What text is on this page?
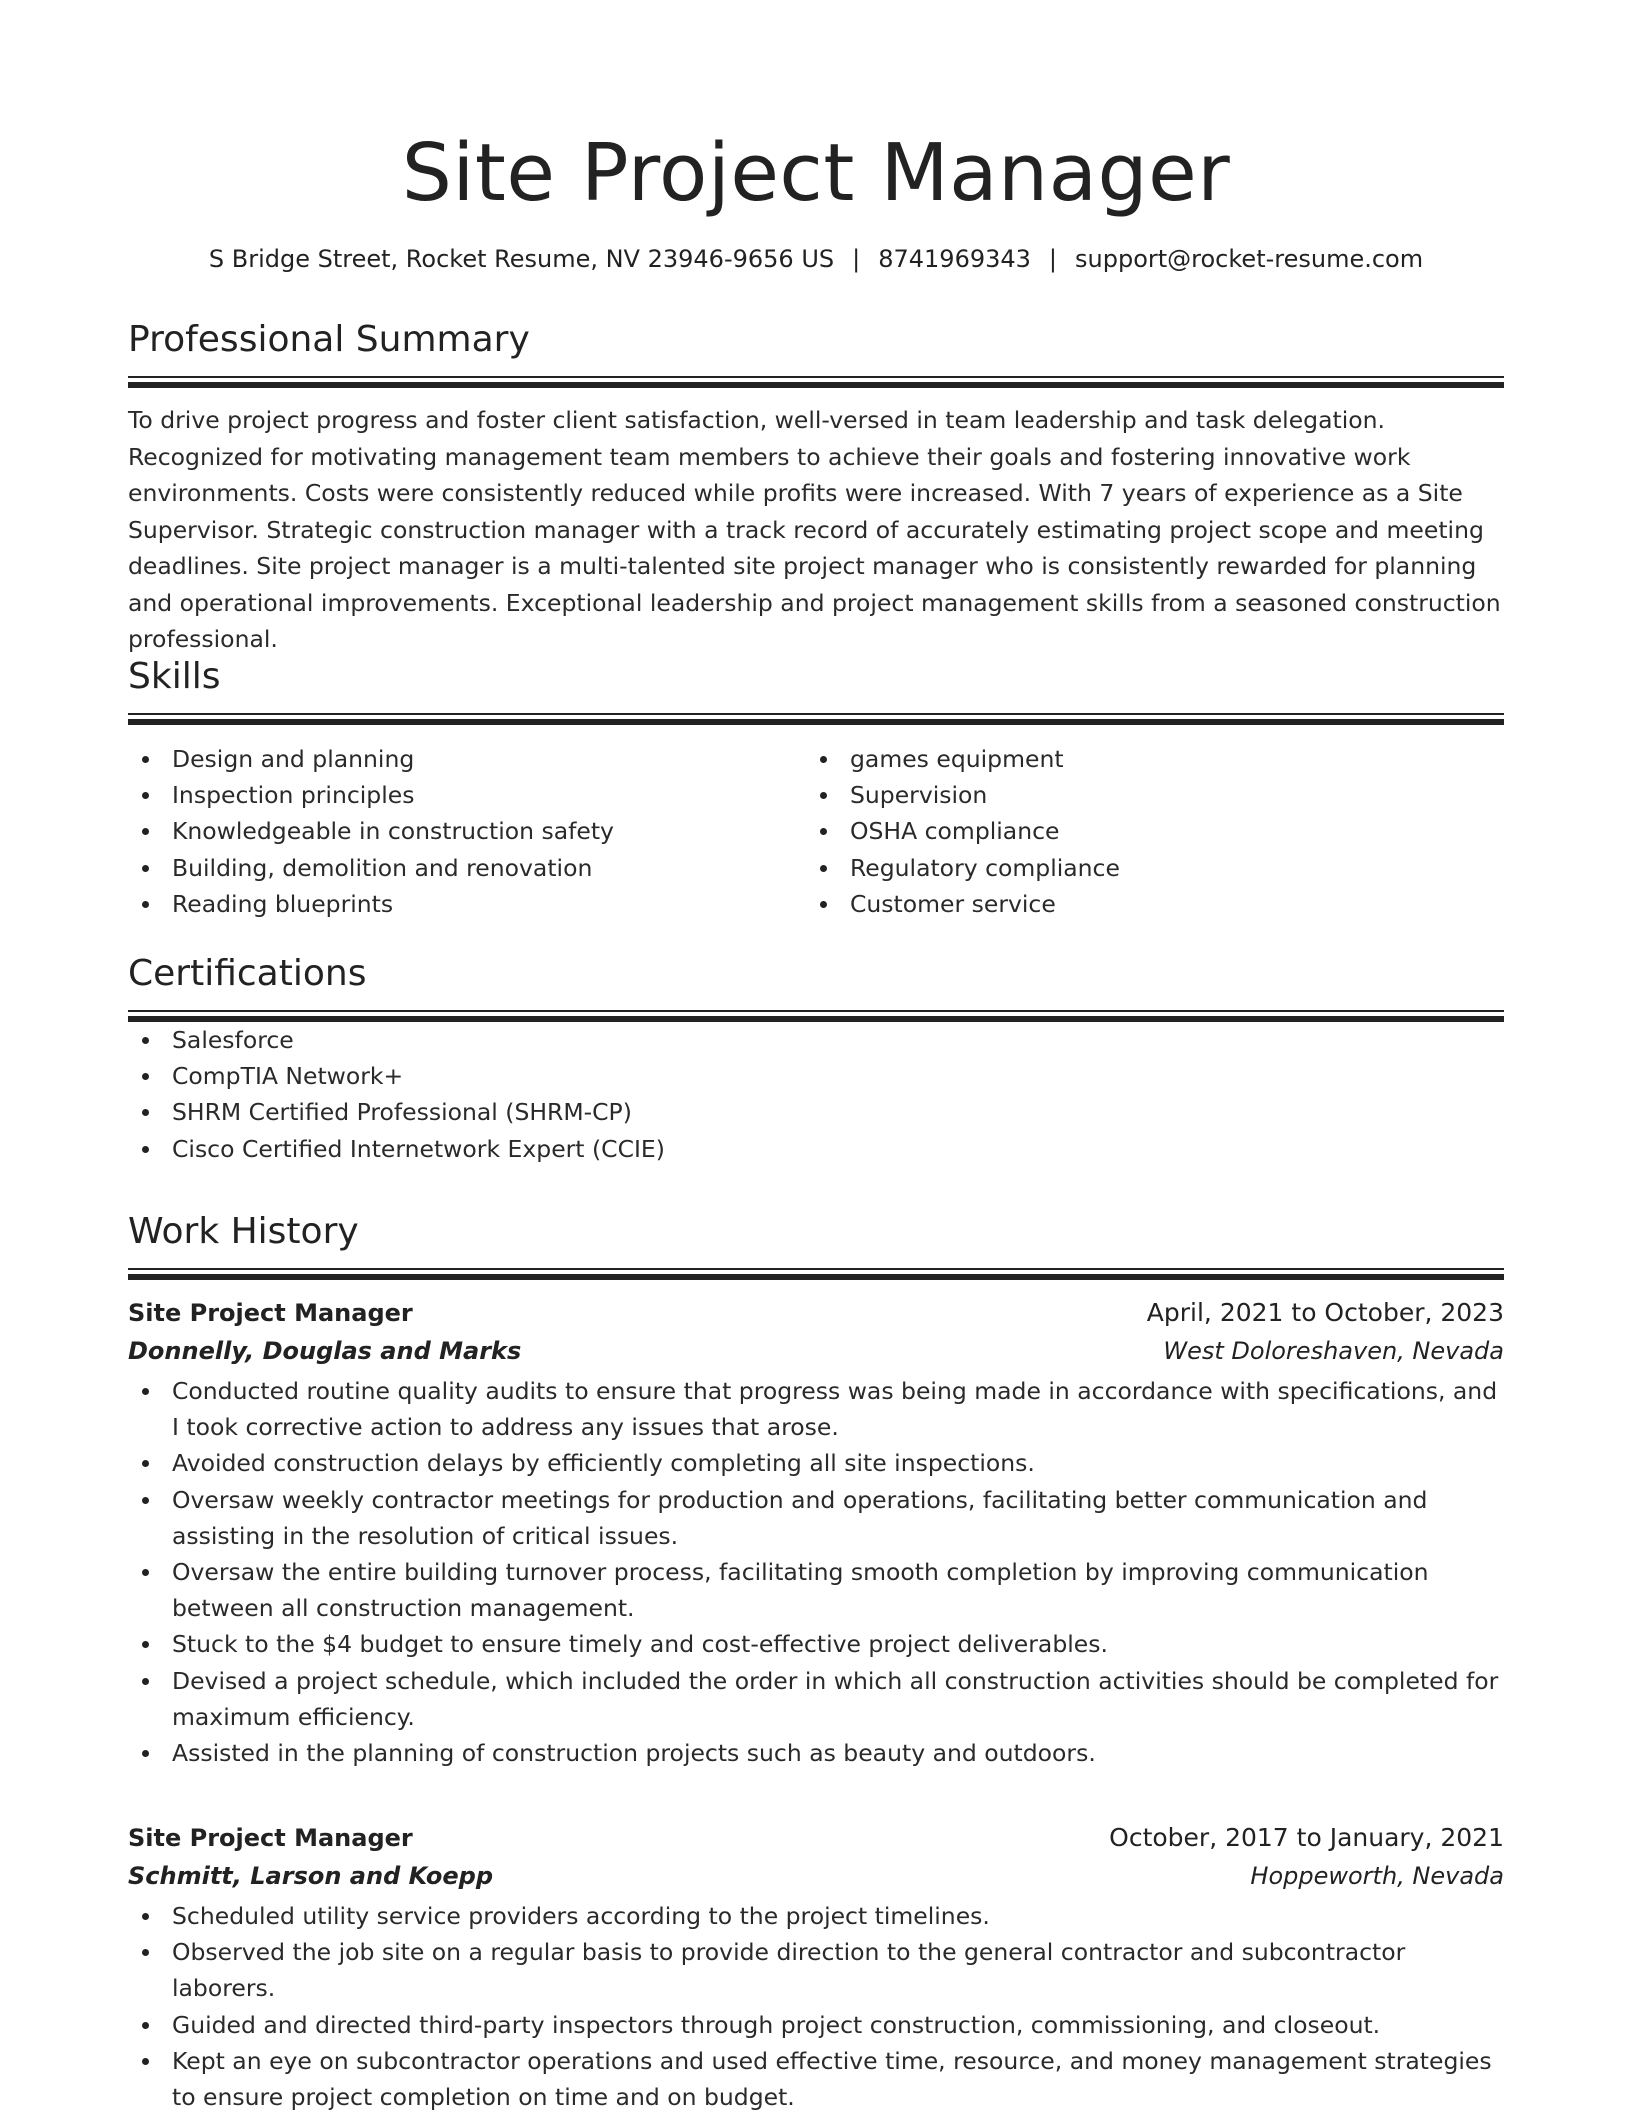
Site Project Manager
S Bridge Street, Rocket Resume, NV 23946-9656 US | 8741969343 | support@rocket-resume.com
Professional Summary

To drive project progress and foster client satisfaction, well-versed in team leadership and task delegation. Recognized for motivating management team members to achieve their goals and fostering innovative work environments. Costs were consistently reduced while profits were increased. With 7 years of experience as a Site Supervisor. Strategic construction manager with a track record of accurately estimating project scope and meeting deadlines. Site project manager is a multi-talented site project manager who is consistently rewarded for planning and operational improvements. Exceptional leadership and project management skills from a seasoned construction professional.

Skills
Design and planning
Inspection principles
Knowledgeable in construction safety
Building, demolition and renovation
Reading blueprints
games equipment
Supervision
OSHA compliance
Regulatory compliance
Customer service
Certifications
Salesforce
CompTIA Network+
SHRM Certified Professional (SHRM-CP)
Cisco Certified Internetwork Expert (CCIE)
Work History
Site Project Manager	April, 2021 to October, 2023
Donnelly, Douglas and Marks	West Doloreshaven, Nevada
Conducted routine quality audits to ensure that progress was being made in accordance with specifications, and I took corrective action to address any issues that arose.
Avoided construction delays by efficiently completing all site inspections.
Oversaw weekly contractor meetings for production and operations, facilitating better communication and assisting in the resolution of critical issues.
Oversaw the entire building turnover process, facilitating smooth completion by improving communication between all construction management.
Stuck to the $4 budget to ensure timely and cost-effective project deliverables.
Devised a project schedule, which included the order in which all construction activities should be completed for maximum efficiency.
Assisted in the planning of construction projects such as beauty and outdoors.
Site Project Manager	October, 2017 to January, 2021
Schmitt, Larson and Koepp	Hoppeworth, Nevada
Scheduled utility service providers according to the project timelines.
Observed the job site on a regular basis to provide direction to the general contractor and subcontractor laborers.
Guided and directed third-party inspectors through project construction, commissioning, and closeout.
Kept an eye on subcontractor operations and used effective time, resource, and money management strategies to ensure project completion on time and on budget.
